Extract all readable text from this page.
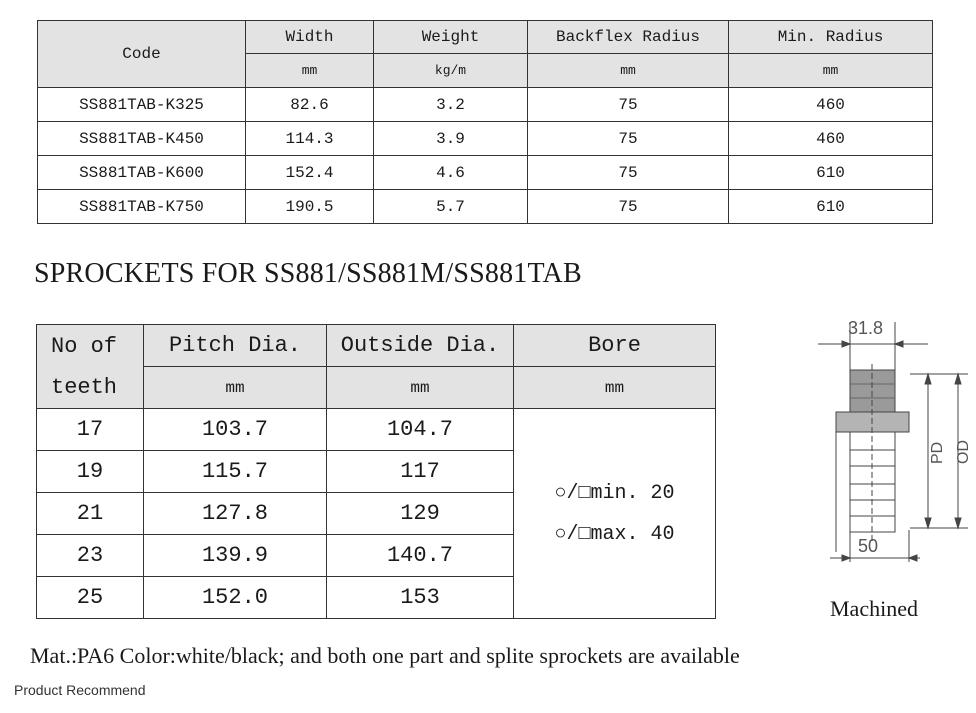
Code	Width	Weight	Backflex Radius	Min. Radius
	mm	kg/m	mm	mm
SS881TAB-K325	82.6	3.2	75	460
SS881TAB-K450	114.3	3.9	75	460
SS881TAB-K600	152.4	4.6	75	610
SS881TAB-K750	190.5	5.7	75	610
SPROCKETS FOR SS881/SS881M/SS881TAB
No of
teeth	Pitch Dia.	Outside Dia.	Bore
	mm	mm	mm
17	103.7	104.7	○/□min. 20
○/□max. 40

19	115.7	117	
21	127.8	129	
23	139.9	140.7	
25	152.0	153	
31.8
50
PD OD
Machined
Mat.:PA6 Color:white/black; and both one part and splite sprockets are available
Product Recommend
